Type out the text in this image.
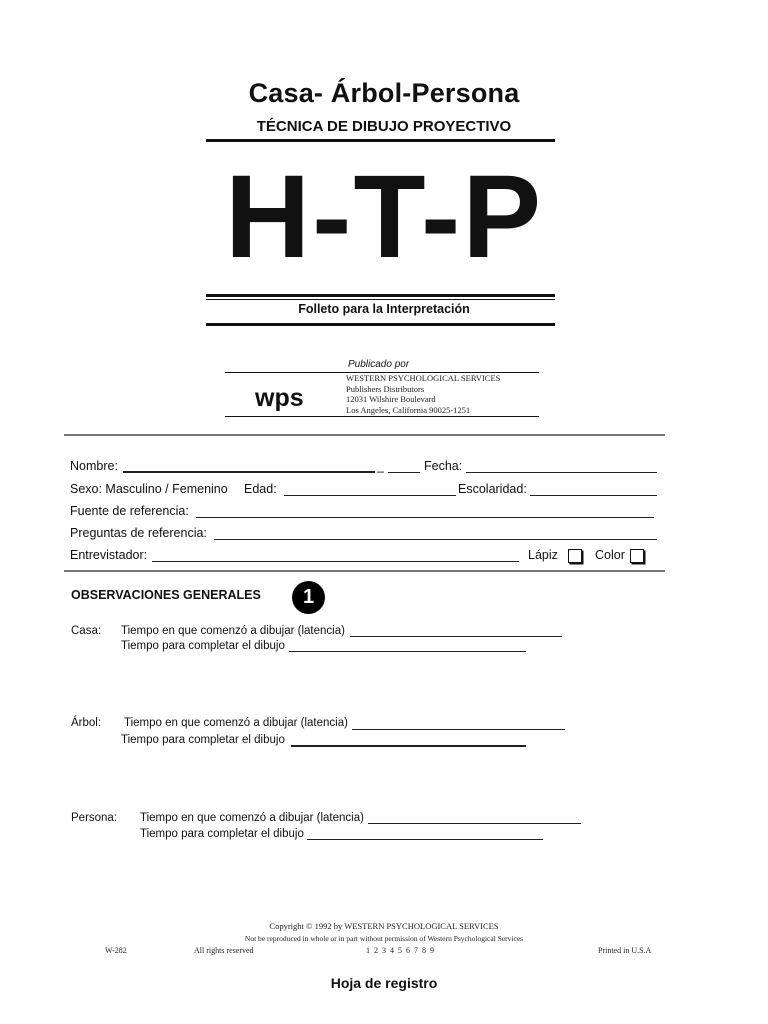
Casa- Árbol-Persona
TÉCNICA DE DIBUJO PROYECTIVO
H-T-P
Folleto para la Interpretación
Publicado por
wps
WESTERN PSYCHOLOGICAL SERVICES
Publishers Distributors
12031 Wilshire Boulevard
Los Angeles, California 90025-1251
Nombre:	_	Fecha:
Sexo: Masculino / Femenino Edad:	Escolaridad:
Fuente de referencia:
Preguntas de referencia:
Entrevistador:	Lápiz	Color
OBSERVACIONES GENERALES	1
Casa: Tiempo en que comenzó a dibujar (latencia)
Tiempo para completar el dibujo
Árbol: Tiempo en que comenzó a dibujar (latencia)
Tiempo para completar el dibujo
Persona: Tiempo en que comenzó a dibujar (latencia)
Tiempo para completar el dibujo
Copyright © 1992 by WESTERN PSYCHOLOGICAL SERVICES
Not be reproduced in whole or in part without permission of Western Psychological Services
W-282	All rights reserved	1 2 3 4 5 6 7 8 9	Printed in U.S.A
Hoja de registro
